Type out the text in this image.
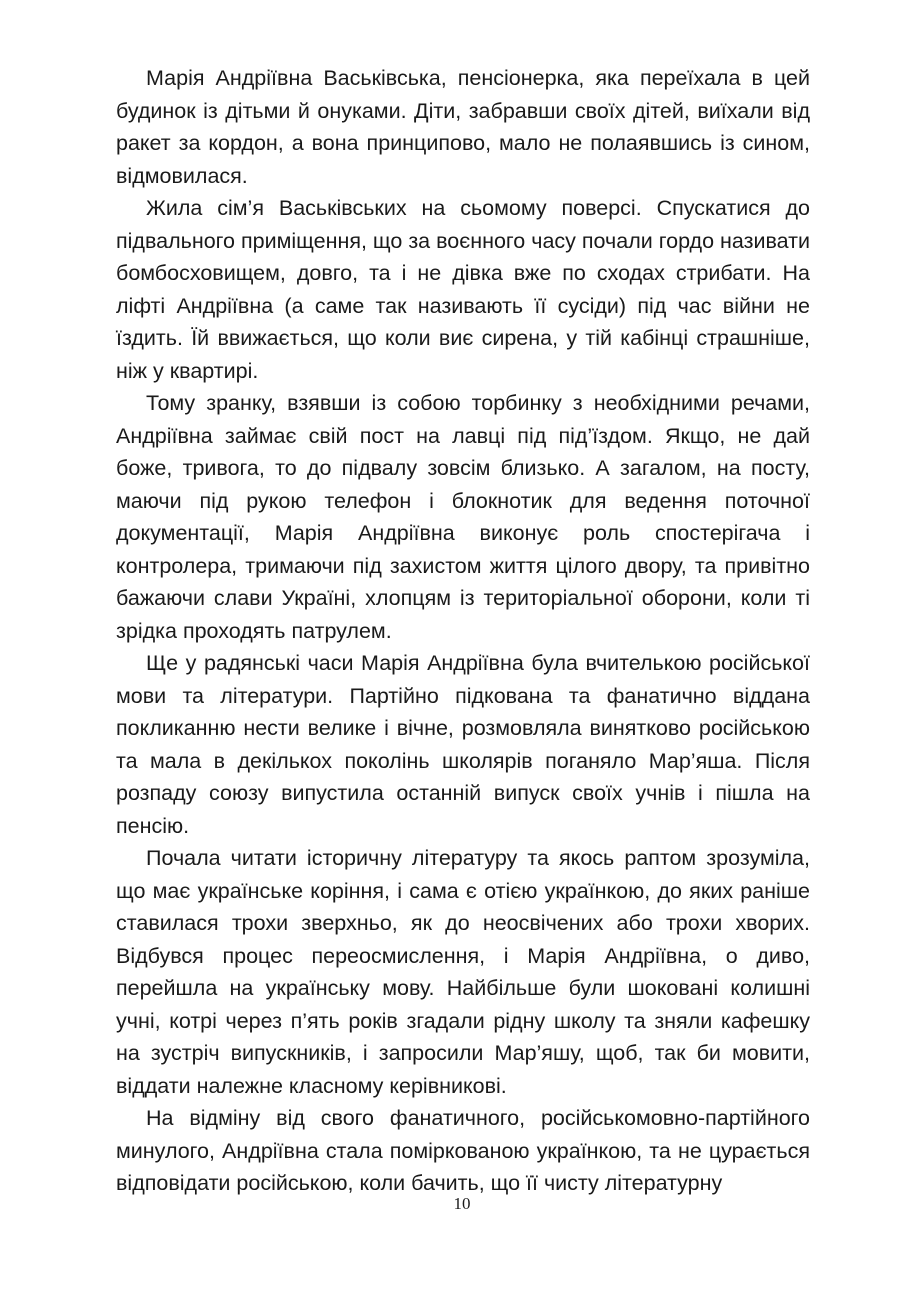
Марія Андріївна Васьківська, пенсіонерка, яка переїхала в цей будинок із дітьми й онуками. Діти, забравши своїх дітей, виїхали від ракет за кордон, а вона принципово, мало не полаявшись із сином, відмовилася.

Жила сім’я Васьківських на сьомому поверсі. Спускатися до підвального приміщення, що за воєнного часу почали гордо називати бомбосховищем, довго, та і не дівка вже по сходах стрибати. На ліфті Андріївна (а саме так називають її сусіди) під час війни не їздить. Їй ввижається, що коли виє сирена, у тій кабінці страшніше, ніж у квартирі.

Тому зранку, взявши із собою торбинку з необхідними речами, Андріївна займає свій пост на лавці під під’їздом. Якщо, не дай боже, тривога, то до підвалу зовсім близько. А загалом, на посту, маючи під рукою телефон і блокнотик для ведення поточної документації, Марія Андріївна виконує роль спостерігача і контролера, тримаючи під захистом життя цілого двору, та привітно бажаючи слави Україні, хлопцям із територіальної оборони, коли ті зрідка проходять патрулем.

Ще у радянські часи Марія Андріївна була вчителькою російської мови та літератури. Партійно підкована та фанатично віддана покликанню нести велике і вічне, розмовляла винятково російською та мала в декількох поколінь школярів поганяло Мар’яша. Після розпаду союзу випустила останній випуск своїх учнів і пішла на пенсію.

Почала читати історичну літературу та якось раптом зрозуміла, що має українське коріння, і сама є отією українкою, до яких раніше ставилася трохи зверхньо, як до неосвічених або трохи хворих. Відбувся процес переосмислення, і Марія Андріївна, о диво, перейшла на українську мову. Найбільше були шоковані колишні учні, котрі через п’ять років згадали рідну школу та зняли кафешку на зустріч випускників, і запросили Мар’яшу, щоб, так би мовити, віддати належне класному керівникові.

На відміну від свого фанатичного, російськомовно-партійного минулого, Андріївна стала поміркованою українкою, та не цурається відповідати російською, коли бачить, що її чисту літературну

10
